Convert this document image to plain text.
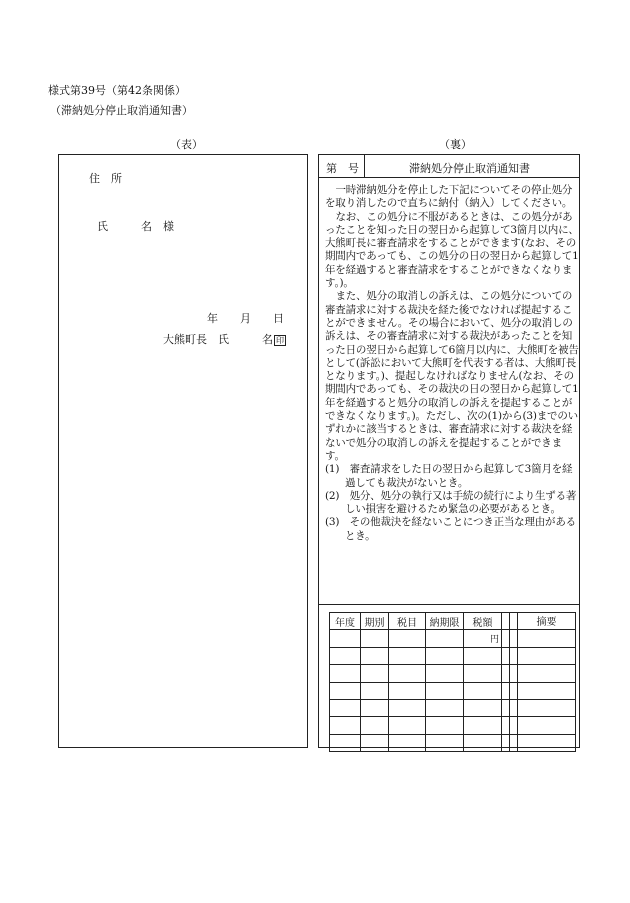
様式第39号（第42条関係）
（滞納処分停止取消通知書）
（表）	（裏）
住　所
氏　　　名　様
年　　月　　日
大熊町長　氏　　　名 印
第　号	滞納処分停止取消通知書

一時滞納処分を停止した下記についてその停止処分を取り消したので直ちに納付（納入）してください。

なお、この処分に不服があるときは、この処分があったことを知った日の翌日から起算して3箇月以内に、大熊町長に審査請求をすることができます(なお、その期間内であっても、この処分の日の翌日から起算して1年を経過すると審査請求をすることができなくなります。)。

また、処分の取消しの訴えは、この処分についての審査請求に対する裁決を経た後でなければ提起することができません。その場合において、処分の取消しの訴えは、その審査請求に対する裁決があったことを知った日の翌日から起算して6箇月以内に、大熊町を被告として(訴訟において大熊町を代表する者は、大熊町長となります。)、提起しなければなりません(なお、その期間内であっても、その裁決の日の翌日から起算して1年を経過すると処分の取消しの訴えを提起することができなくなります。)。ただし、次の(1)から(3)までのいずれかに該当するときは、審査請求に対する裁決を経ないで処分の取消しの訴えを提起することができます。

(1)　審査請求をした日の翌日から起算して3箇月を経過しても裁決がないとき。

(2)　処分、処分の執行又は手続の続行により生ずる著しい損害を避けるため緊急の必要があるとき。

(3)　その他裁決を経ないことにつき正当な理由があるとき。

年度	期別	税目	納期限	税額			摘要
				円			
